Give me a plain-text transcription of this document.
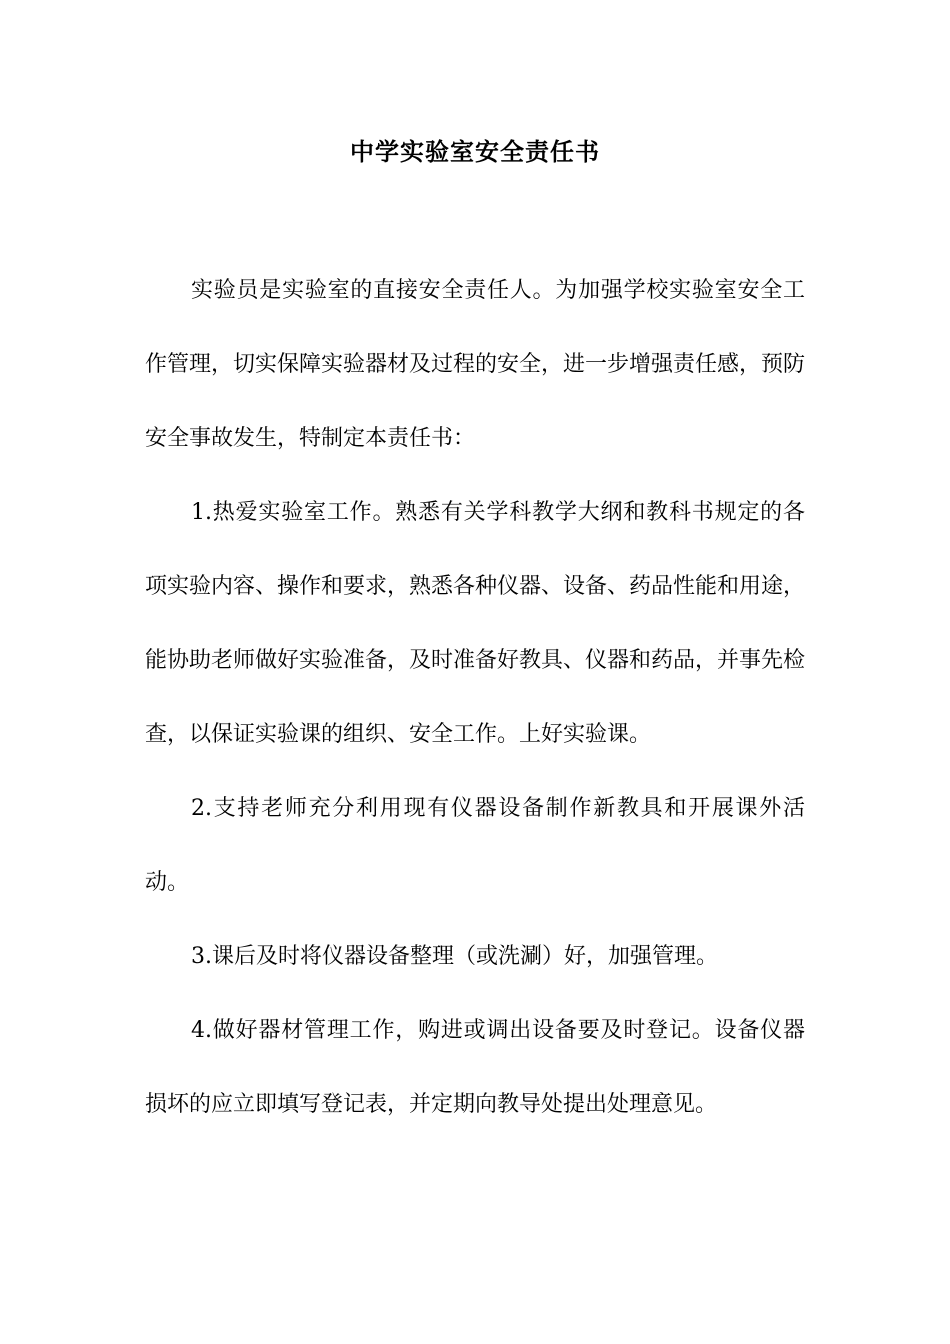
中学实验室安全责任书

实验员是实验室的直接安全责任人。为加强学校实验室安全工作管理，切实保障实验器材及过程的安全，进一步增强责任感，预防安全事故发生，特制定本责任书：

1.热爱实验室工作。熟悉有关学科教学大纲和教科书规定的各项实验内容、操作和要求，熟悉各种仪器、设备、药品性能和用途，能协助老师做好实验准备，及时准备好教具、仪器和药品，并事先检查，以保证实验课的组织、安全工作。上好实验课。

2.支持老师充分利用现有仪器设备制作新教具和开展课外活动。

3.课后及时将仪器设备整理（或洗涮）好，加强管理。

4.做好器材管理工作，购进或调出设备要及时登记。设备仪器损坏的应立即填写登记表，并定期向教导处提出处理意见。
